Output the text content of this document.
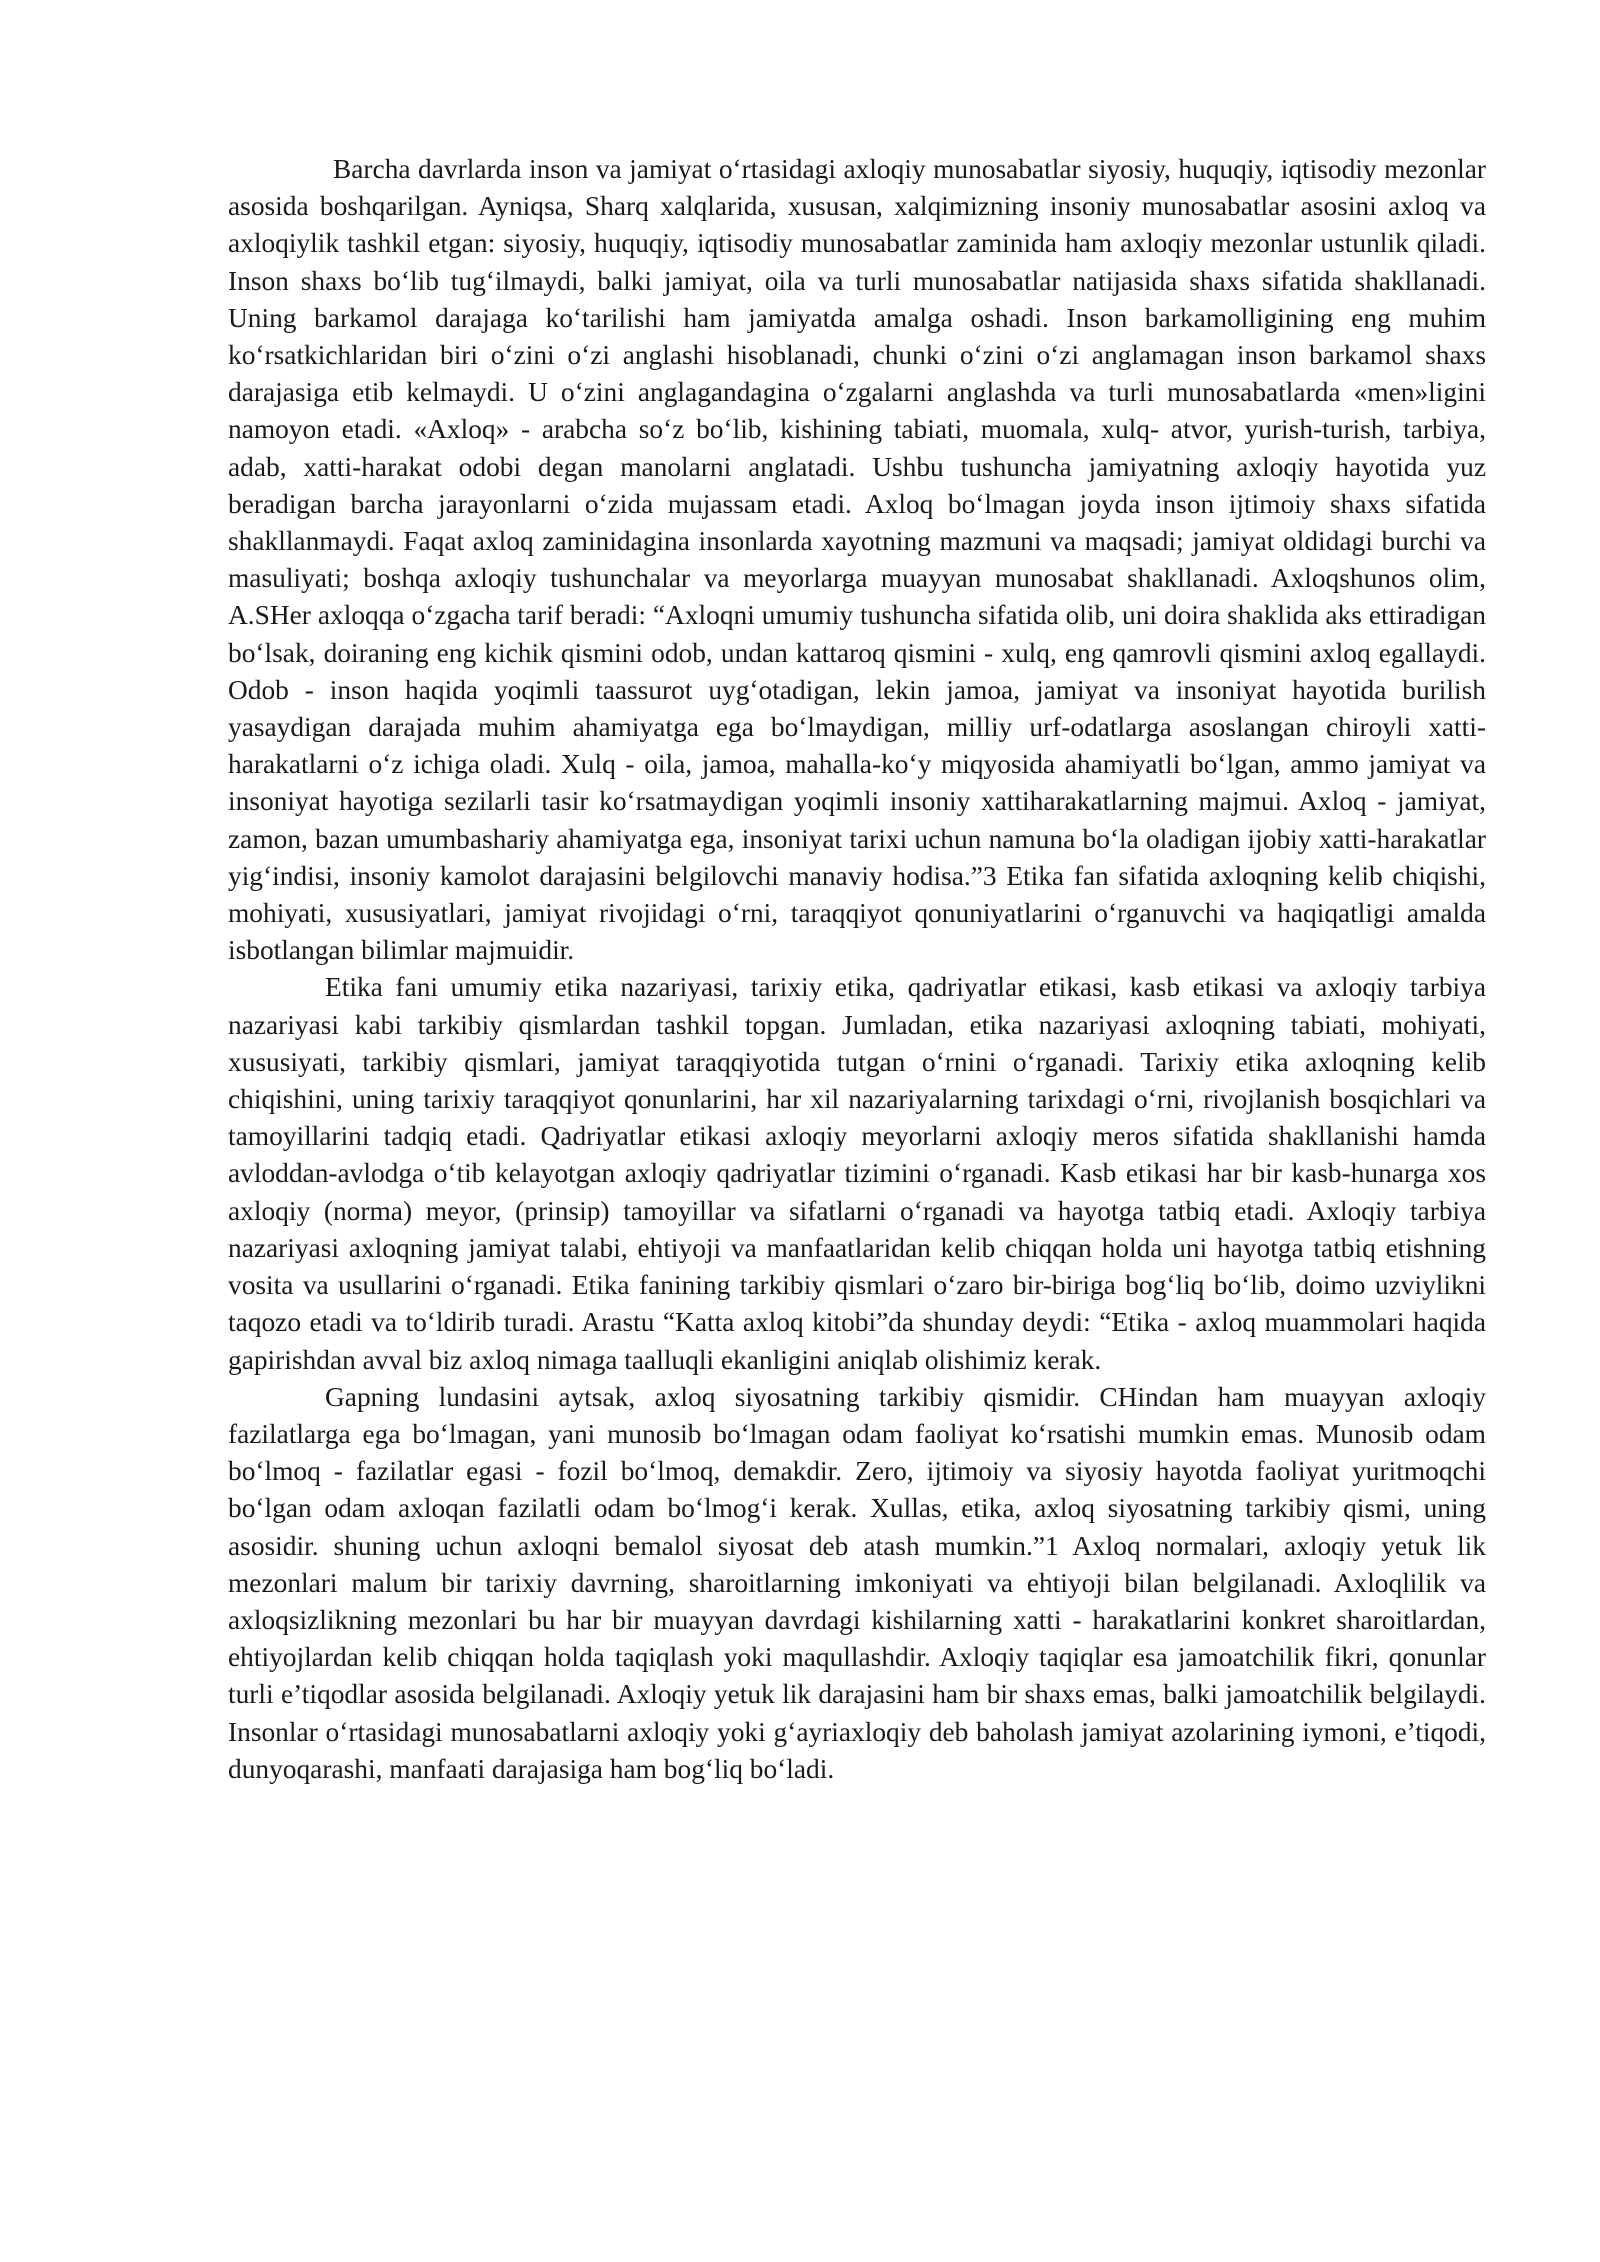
Barcha davrlarda inson va jamiyat o‘rtasidagi axloqiy munosabatlar siyosiy, huquqiy, iqtisodiy mezonlar asosida boshqarilgan. Ayniqsa, Sharq xalqlarida, xususan, xalqimizning insoniy munosabatlar asosini axloq va axloqiylik tashkil etgan: siyosiy, huquqiy, iqtisodiy munosabatlar zaminida ham axloqiy mezonlar ustunlik qiladi. Inson shaxs bo‘lib tug‘ilmaydi, balki jamiyat, oila va turli munosabatlar natijasida shaxs sifatida shakllanadi. Uning barkamol darajaga ko‘tarilishi ham jamiyatda amalga oshadi. Inson barkamolligining eng muhim ko‘rsatkichlaridan biri o‘zini o‘zi anglashi hisoblanadi, chunki o‘zini o‘zi anglamagan inson barkamol shaxs darajasiga etib kelmaydi. U o‘zini anglagandagina o‘zgalarni anglashda va turli munosabatlarda «men»ligini namoyon etadi. «Axloq» - arabcha so‘z bo‘lib, kishining tabiati, muomala, xulq- atvor, yurish-turish, tarbiya, adab, xatti-harakat odobi degan manolarni anglatadi. Ushbu tushuncha jamiyatning axloqiy hayotida yuz beradigan barcha jarayonlarni o‘zida mujassam etadi. Axloq bo‘lmagan joyda inson ijtimoiy shaxs sifatida shakllanmaydi. Faqat axloq zaminidagina insonlarda xayotning mazmuni va maqsadi; jamiyat oldidagi burchi va masuliyati; boshqa axloqiy tushunchalar va meyorlarga muayyan munosabat shakllanadi. Axloqshunos olim, A.SHer axloqqa o‘zgacha tarif beradi: “Axloqni umumiy tushuncha sifatida olib, uni doira shaklida aks ettiradigan bo‘lsak, doiraning eng kichik qismini odob, undan kattaroq qismini - xulq, eng qamrovli qismini axloq egallaydi. Odob - inson haqida yoqimli taassurot uyg‘otadigan, lekin jamoa, jamiyat va insoniyat hayotida burilish yasaydigan darajada muhim ahamiyatga ega bo‘lmaydigan, milliy urf-odatlarga asoslangan chiroyli xatti-harakatlarni o‘z ichiga oladi. Xulq - oila, jamoa, mahalla-ko‘y miqyosida ahamiyatli bo‘lgan, ammo jamiyat va insoniyat hayotiga sezilarli tasir ko‘rsatmaydigan yoqimli insoniy xattiharakatlarning majmui. Axloq - jamiyat, zamon, bazan umumbashariy ahamiyatga ega, insoniyat tarixi uchun namuna bo‘la oladigan ijobiy xatti-harakatlar yig‘indisi, insoniy kamolot darajasini belgilovchi manaviy hodisa.”3 Etika fan sifatida axloqning kelib chiqishi, mohiyati, xususiyatlari, jamiyat rivojidagi o‘rni, taraqqiyot qonuniyatlarini o‘rganuvchi va haqiqatligi amalda isbotlangan bilimlar majmuidir.

Etika fani umumiy etika nazariyasi, tarixiy etika, qadriyatlar etikasi, kasb etikasi va axloqiy tarbiya nazariyasi kabi tarkibiy qismlardan tashkil topgan. Jumladan, etika nazariyasi axloqning tabiati, mohiyati, xususiyati, tarkibiy qismlari, jamiyat taraqqiyotida tutgan o‘rnini o‘rganadi. Tarixiy etika axloqning kelib chiqishini, uning tarixiy taraqqiyot qonunlarini, har xil nazariyalarning tarixdagi o‘rni, rivojlanish bosqichlari va tamoyillarini tadqiq etadi. Qadriyatlar etikasi axloqiy meyorlarni axloqiy meros sifatida shakllanishi hamda avloddan-avlodga o‘tib kelayotgan axloqiy qadriyatlar tizimini o‘rganadi. Kasb etikasi har bir kasb-hunarga xos axloqiy (norma) meyor, (prinsip) tamoyillar va sifatlarni o‘rganadi va hayotga tatbiq etadi. Axloqiy tarbiya nazariyasi axloqning jamiyat talabi, ehtiyoji va manfaatlaridan kelib chiqqan holda uni hayotga tatbiq etishning vosita va usullarini o‘rganadi. Etika fanining tarkibiy qismlari o‘zaro bir-biriga bog‘liq bo‘lib, doimo uzviylikni taqozo etadi va to‘ldirib turadi. Arastu “Katta axloq kitobi”da shunday deydi: “Etika - axloq muammolari haqida gapirishdan avval biz axloq nimaga taalluqli ekanligini aniqlab olishimiz kerak.

Gapning lundasini aytsak, axloq siyosatning tarkibiy qismidir. CHindan ham muayyan axloqiy fazilatlarga ega bo‘lmagan, yani munosib bo‘lmagan odam faoliyat ko‘rsatishi mumkin emas. Munosib odam bo‘lmoq - fazilatlar egasi - fozil bo‘lmoq, demakdir. Zero, ijtimoiy va siyosiy hayotda faoliyat yuritmoqchi bo‘lgan odam axloqan fazilatli odam bo‘lmog‘i kerak. Xullas, etika, axloq siyosatning tarkibiy qismi, uning asosidir. shuning uchun axloqni bemalol siyosat deb atash mumkin.”1 Axloq normalari, axloqiy yetuk lik mezonlari malum bir tarixiy davrning, sharoitlarning imkoniyati va ehtiyoji bilan belgilanadi. Axloqlilik va axloqsizlikning mezonlari bu har bir muayyan davrdagi kishilarning xatti - harakatlarini konkret sharoitlardan, ehtiyojlardan kelib chiqqan holda taqiqlash yoki maqullashdir. Axloqiy taqiqlar esa jamoatchilik fikri, qonunlar turli e’tiqodlar asosida belgilanadi. Axloqiy yetuk lik darajasini ham bir shaxs emas, balki jamoatchilik belgilaydi. Insonlar o‘rtasidagi munosabatlarni axloqiy yoki g‘ayriaxloqiy deb baholash jamiyat azolarining iymoni, e’tiqodi, dunyoqarashi, manfaati darajasiga ham bog‘liq bo‘ladi.
